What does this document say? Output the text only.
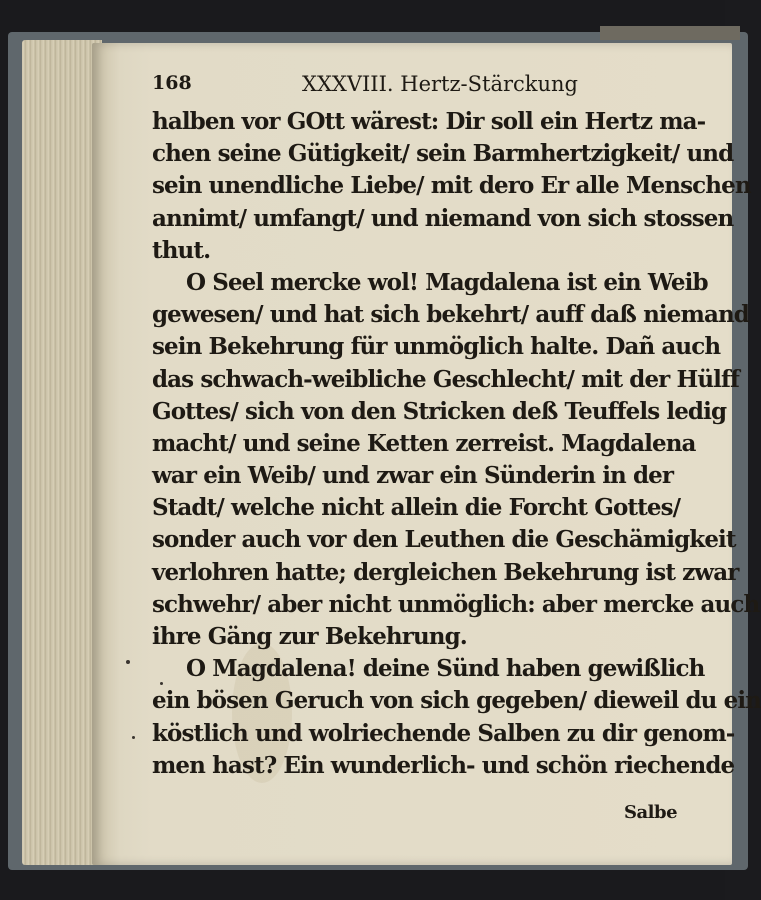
168	XXXVIII. Hertz-Stärckung
halben vor GOtt wärest: Dir soll ein Hertz ma-
chen seine Gütigkeit/ sein Barmhertzigkeit/ und
sein unendliche Liebe/ mit dero Er alle Menschen
annimt/ umfangt/ und niemand von sich stossen
thut.
O Seel mercke wol! Magdalena ist ein Weib
gewesen/ und hat sich bekehrt/ auff daß niemand
sein Bekehrung für unmöglich halte. Dañ auch
das schwach-weibliche Geschlecht/ mit der Hülff
Gottes/ sich von den Stricken deß Teuffels ledig
macht/ und seine Ketten zerreist. Magdalena
war ein Weib/ und zwar ein Sünderin in der
Stadt/ welche nicht allein die Forcht Gottes/
sonder auch vor den Leuthen die Geschämigkeit
verlohren hatte; dergleichen Bekehrung ist zwar
schwehr/ aber nicht unmöglich: aber mercke auch
ihre Gäng zur Bekehrung.
O Magdalena! deine Sünd haben gewißlich
ein bösen Geruch von sich gegeben/ dieweil du ein
köstlich und wolriechende Salben zu dir genom-
men hast? Ein wunderlich- und schön riechende
Salbe
